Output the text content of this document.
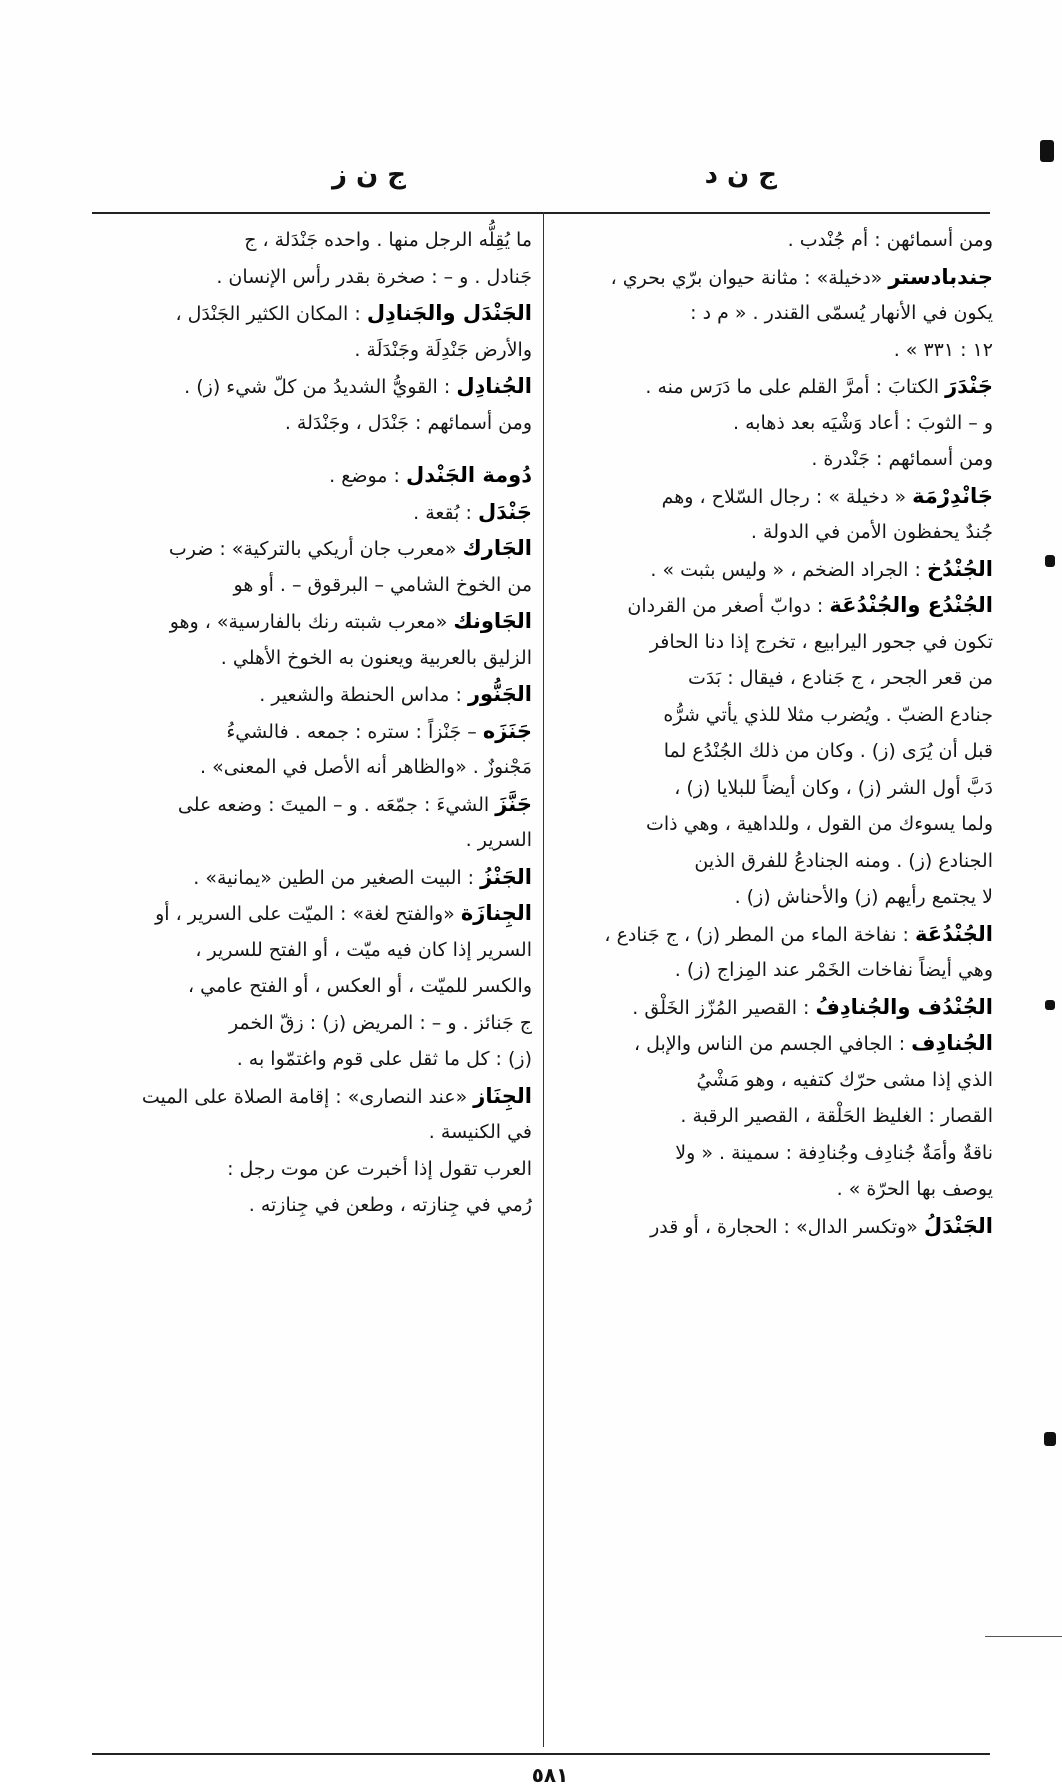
ج ن د
ج ن ز
ومن أسمائهن : أم جُنْدب .
جندبادستر «دخيلة» : مثانة حيوان برّي بحري ،
يكون في الأنهار يُسمّى القندر . « م د :
١٢ : ٣٣١ » .
جَنْدَرَ الكتابَ : أمرَّ القلم على ما دَرَس منه .
و – الثوبَ : أعاد وَشْيَه بعد ذهابه .
ومن أسمائهم : جَنْدرة .
جَانْدِرْمَة « دخيلة » : رجال السّلاح ، وهم
جُندٌ يحفظون الأمن في الدولة .
الجُنْدُخ : الجراد الضخم ، « وليس بثبت » .
الجُنْدُع والجُنْدُعَة : دوابّ أصغر من القردان
تكون في جحور اليرابيع ، تخرج إذا دنا الحافر
من قعر الجحر ، ج جَنادع ، فيقال : بَدَت
جنادع الضبّ . ويُضرب مثلا للذي يأتي شرُّه
قبل أن يُرَى (ز) . وكان من ذلك الجُنْدُع لما
دَبَّ أول الشر (ز) ، وكان أيضاً للبلايا (ز) ،
ولما يسوءك من القول ، وللداهية ، وهي ذات
الجنادع (ز) . ومنه الجنادعُ للفرق الذين
لا يجتمع رأيهم (ز) والأحناش (ز) .
الجُنْدُعَة : نفاخة الماء من المطر (ز) ، ج جَنادع ،
وهي أيضاً نفاخات الخَمْر عند المِزاج (ز) .
الجُنْدُف والجُنادِفُ : القصير المُزّز الخَلْق .
الجُنادِف : الجافي الجسم من الناس والإبل ،
الذي إذا مشى حرّك كتفيه ، وهو مَشْيُ
القصار : الغليظ الحَلْقة ، القصير الرقبة .
ناقةٌ وأمَةٌ جُنادِف وجُنادِفة : سمينة . « ولا
يوصف بها الحرّة » .
الجَنْدَلُ «وتكسر الدال» : الحجارة ، أو قدر
ما يُقِلُّه الرجل منها . واحده جَنْدَلة ، ج
جَنادل . و – : صخرة بقدر رأس الإنسان .
الجَنْدَل والجَنادِل : المكان الكثير الجَنْدَل ،
والأرض جَنْدِلَة وجَنْدَلَة .
الجُنادِل : القويُّ الشديدُ من كلّ شيء (ز) .
ومن أسمائهم : جَنْدَل ، وجَنْدَلة .
دُومة الجَنْدل : موضع .
جَنْدَل : بُقعة .
الجَارك «معرب جان أريكي بالتركية» : ضرب
من الخوخ الشامي – البرقوق – . أو هو
الجَاونك «معرب شبته رنك بالفارسية» ، وهو
الزليق بالعربية ويعنون به الخوخ الأهلي .
الجَنُّور : مداس الحنطة والشعير .
جَنَزَه – جَنْزاً : ستره : جمعه . فالشيءُ
مَجْنوزٌ . «والظاهر أنه الأصل في المعنى» .
جَنَّزَ الشيءَ : جمّعَه . و – الميتَ : وضعه على
السرير .
الجَنْزُ : البيت الصغير من الطين «يمانية» .
الجِنازَة «والفتح لغة» : الميّت على السرير ، أو
السرير إذا كان فيه ميّت ، أو الفتح للسرير ،
والكسر للميّت ، أو العكس ، أو الفتح عامي ،
ج جَنائز . و – : المريض (ز) : زقّ الخمر
(ز) : كل ما ثقل على قوم واغتمّوا به .
الجِنَاز «عند النصارى» : إقامة الصلاة على الميت
في الكنيسة .
العرب تقول إذا أخبرت عن موت رجل :
رُمي في جِنازته ، وطعن في جِنازته .
٥٨١
